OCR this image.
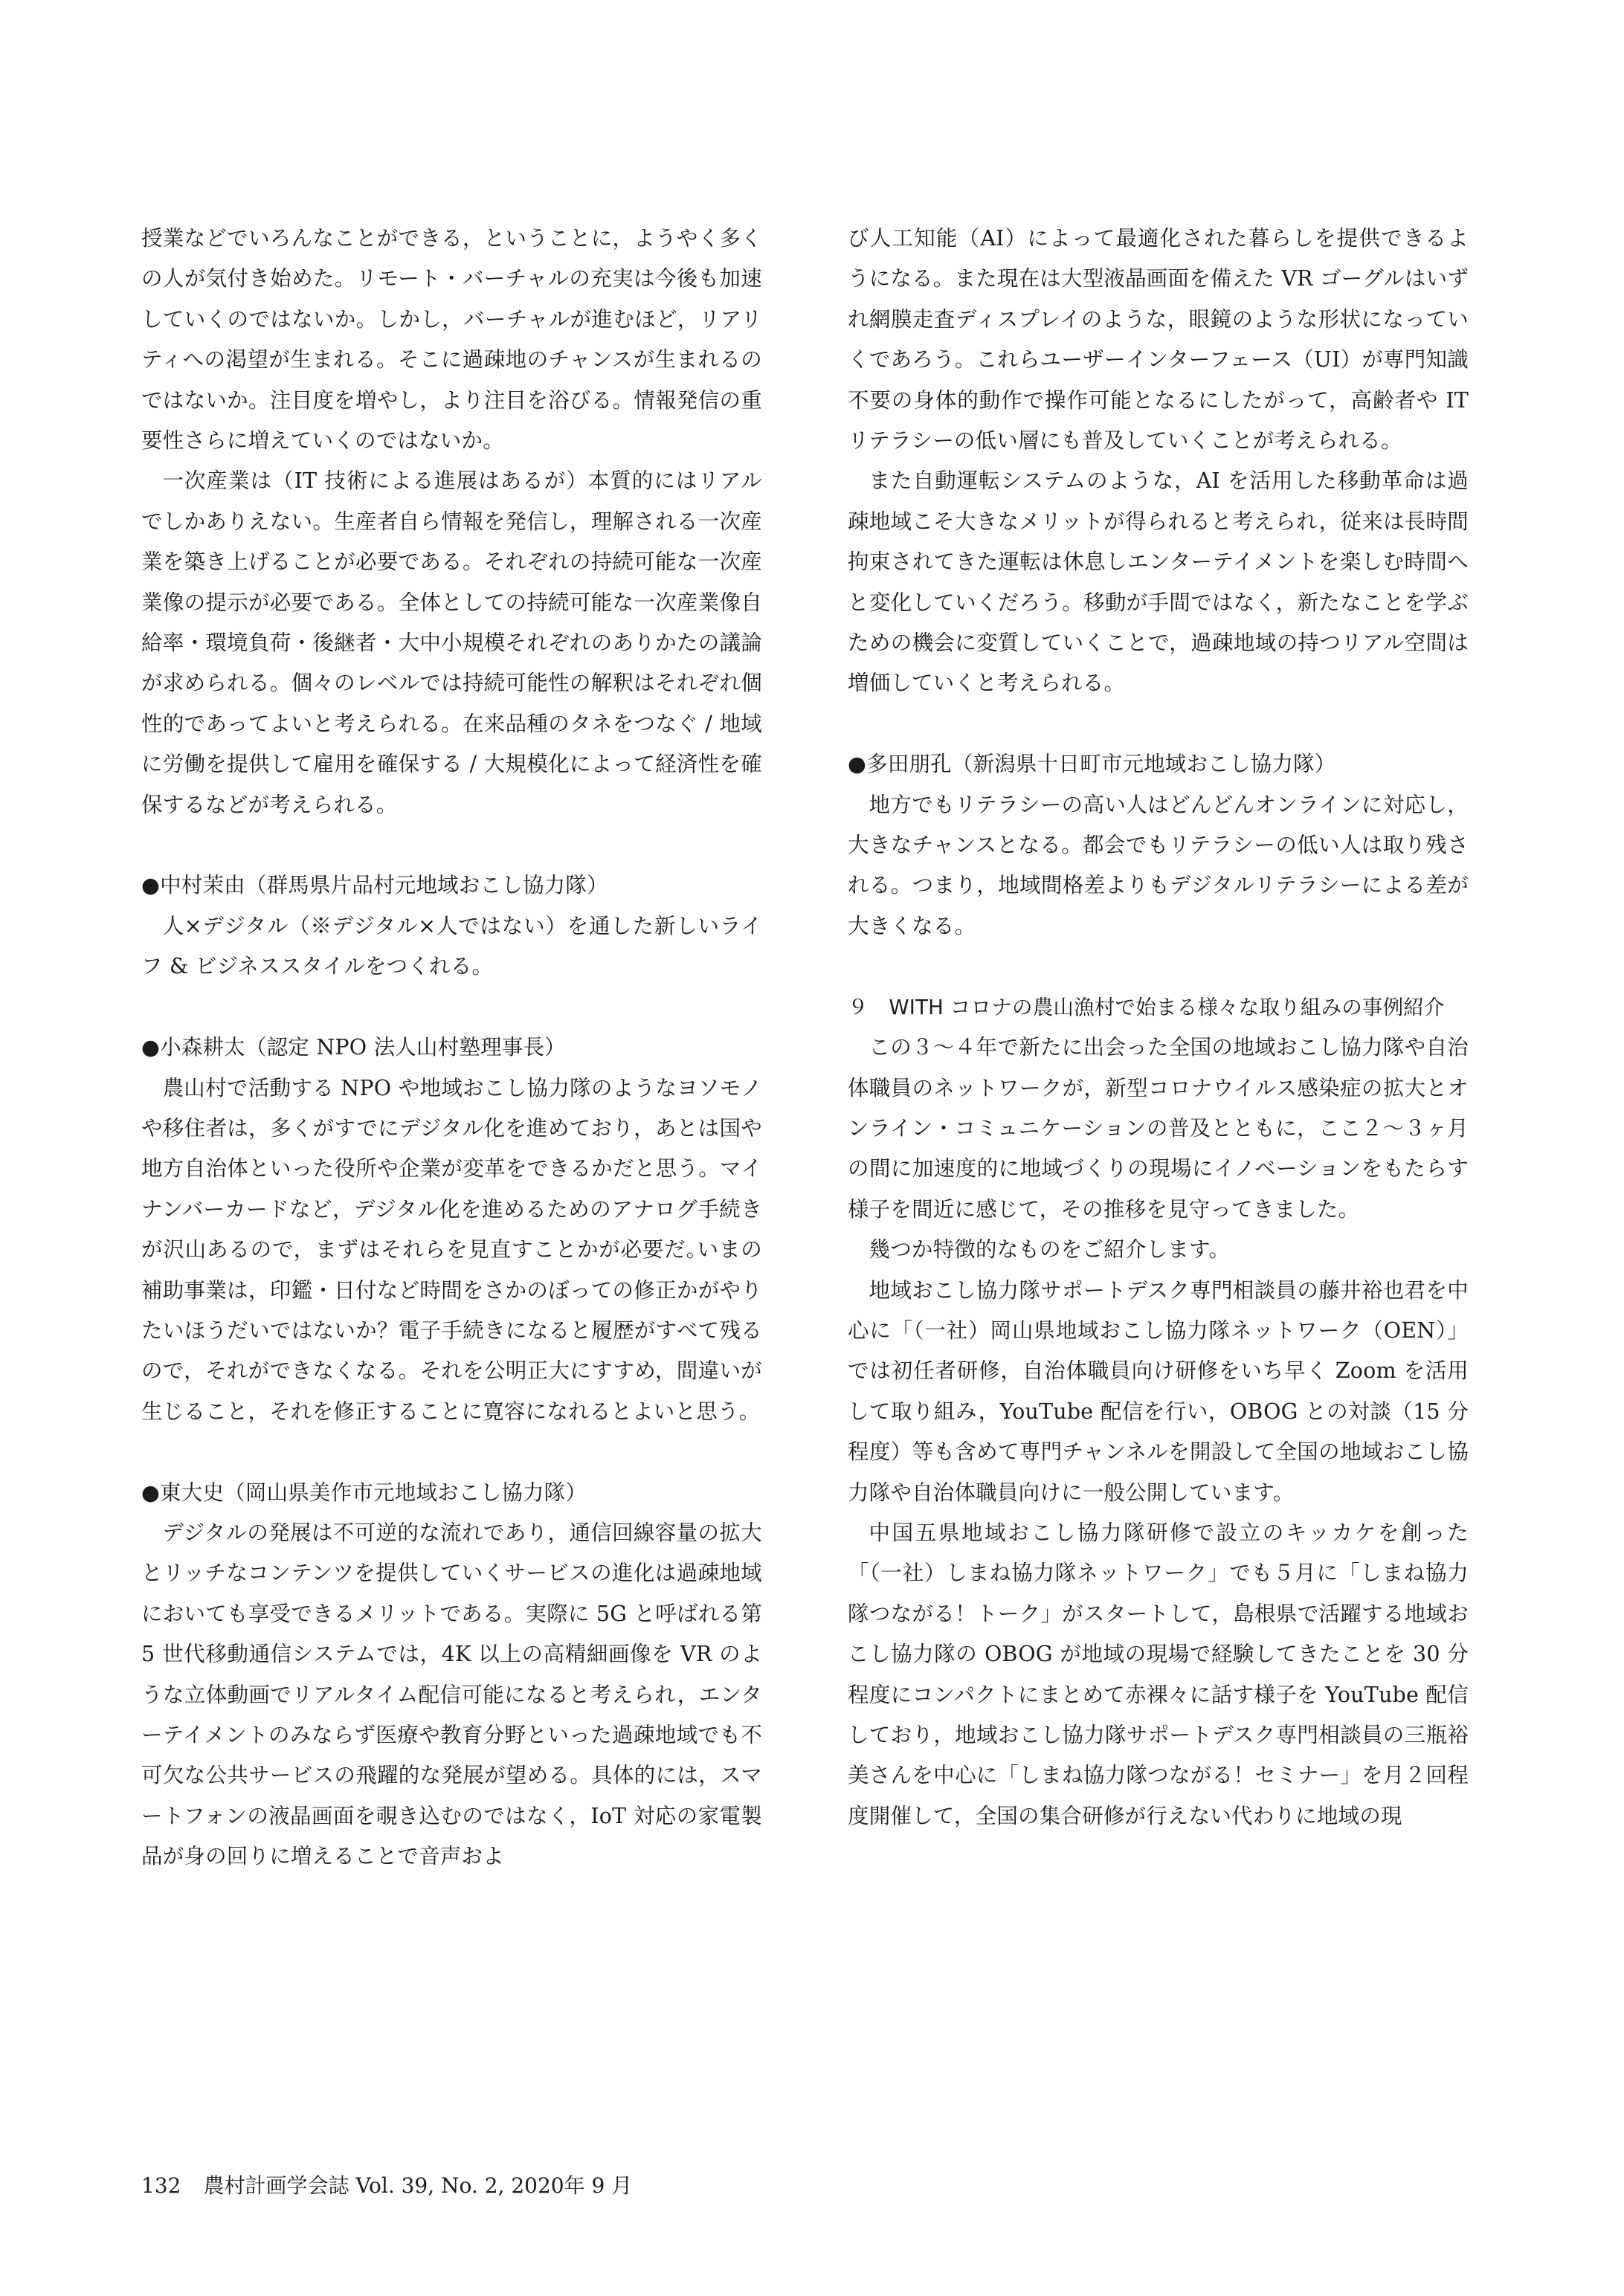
授業などでいろんなことができる，ということに，ようやく多くの人が気付き始めた。リモート・バーチャルの充実は今後も加速していくのではないか。しかし，バーチャルが進むほど，リアリティへの渇望が生まれる。そこに過疎地のチャンスが生まれるのではないか。注目度を増やし，より注目を浴びる。情報発信の重要性さらに増えていくのではないか。

一次産業は（IT 技術による進展はあるが）本質的にはリアルでしかありえない。生産者自ら情報を発信し，理解される一次産業を築き上げることが必要である。それぞれの持続可能な一次産業像の提示が必要である。全体としての持続可能な一次産業像自給率・環境負荷・後継者・大中小規模それぞれのありかたの議論が求められる。個々のレベルでは持続可能性の解釈はそれぞれ個性的であってよいと考えられる。在来品種のタネをつなぐ / 地域に労働を提供して雇用を確保する / 大規模化によって経済性を確保するなどが考えられる。

●中村茉由（群馬県片品村元地域おこし協力隊）

人×デジタル（※デジタル×人ではない）を通した新しいライフ & ビジネススタイルをつくれる。

●小森耕太（認定 NPO 法人山村塾理事長）

農山村で活動する NPO や地域おこし協力隊のようなヨソモノや移住者は，多くがすでにデジタル化を進めており，あとは国や地方自治体といった役所や企業が変革をできるかだと思う。マイナンバーカードなど，デジタル化を進めるためのアナログ手続きが沢山あるので，まずはそれらを見直すことかが必要だ｡いまの補助事業は，印鑑・日付など時間をさかのぼっての修正かがやりたいほうだいではないか？電子手続きになると履歴がすべて残るので，それができなくなる。それを公明正大にすすめ，間違いが生じること，それを修正することに寛容になれるとよいと思う。

●東大史（岡山県美作市元地域おこし協力隊）

デジタルの発展は不可逆的な流れであり，通信回線容量の拡大とリッチなコンテンツを提供していくサービスの進化は過疎地域においても享受できるメリットである。実際に 5G と呼ばれる第 5 世代移動通信システムでは，4K 以上の高精細画像を VR のような立体動画でリアルタイム配信可能になると考えられ，エンターテイメントのみならず医療や教育分野といった過疎地域でも不可欠な公共サービスの飛躍的な発展が望める。具体的には，スマートフォンの液晶画面を覗き込むのではなく，IoT 対応の家電製品が身の回りに増えることで音声およ

び人工知能（AI）によって最適化された暮らしを提供できるようになる。また現在は大型液晶画面を備えた VR ゴーグルはいずれ網膜走査ディスプレイのような，眼鏡のような形状になっていくであろう。これらユーザーインターフェース（UI）が専門知識不要の身体的動作で操作可能となるにしたがって，高齢者や IT リテラシーの低い層にも普及していくことが考えられる。

また自動運転システムのような，AI を活用した移動革命は過疎地域こそ大きなメリットが得られると考えられ，従来は長時間拘束されてきた運転は休息しエンターテイメントを楽しむ時間へと変化していくだろう。移動が手間ではなく，新たなことを学ぶための機会に変質していくことで，過疎地域の持つリアル空間は増価していくと考えられる。

●多田朋孔（新潟県十日町市元地域おこし協力隊）

地方でもリテラシーの高い人はどんどんオンラインに対応し，大きなチャンスとなる。都会でもリテラシーの低い人は取り残される。つまり，地域間格差よりもデジタルリテラシーによる差が大きくなる。

９　WITH コロナの農山漁村で始まる様々な取り組みの事例紹介

この３～４年で新たに出会った全国の地域おこし協力隊や自治体職員のネットワークが，新型コロナウイルス感染症の拡大とオンライン・コミュニケーションの普及とともに，ここ２～３ヶ月の間に加速度的に地域づくりの現場にイノベーションをもたらす様子を間近に感じて，その推移を見守ってきました。

幾つか特徴的なものをご紹介します。

地域おこし協力隊サポートデスク専門相談員の藤井裕也君を中心に「（一社）岡山県地域おこし協力隊ネットワーク（OEN）」では初任者研修，自治体職員向け研修をいち早く Zoom を活用して取り組み，YouTube 配信を行い，OBOG との対談（15 分程度）等も含めて専門チャンネルを開設して全国の地域おこし協力隊や自治体職員向けに一般公開しています。

中国五県地域おこし協力隊研修で設立のキッカケを創った「（一社）しまね協力隊ネットワーク」でも５月に「しまね協力隊つながる！トーク」がスタートして，島根県で活躍する地域おこし協力隊の OBOG が地域の現場で経験してきたことを 30 分程度にコンパクトにまとめて赤裸々に話す様子を YouTube 配信しており，地域おこし協力隊サポートデスク専門相談員の三瓶裕美さんを中心に「しまね協力隊つながる！セミナー」を月２回程度開催して，全国の集合研修が行えない代わりに地域の現

132 農村計画学会誌 Vol. 39, No. 2, 2020年 9 月
